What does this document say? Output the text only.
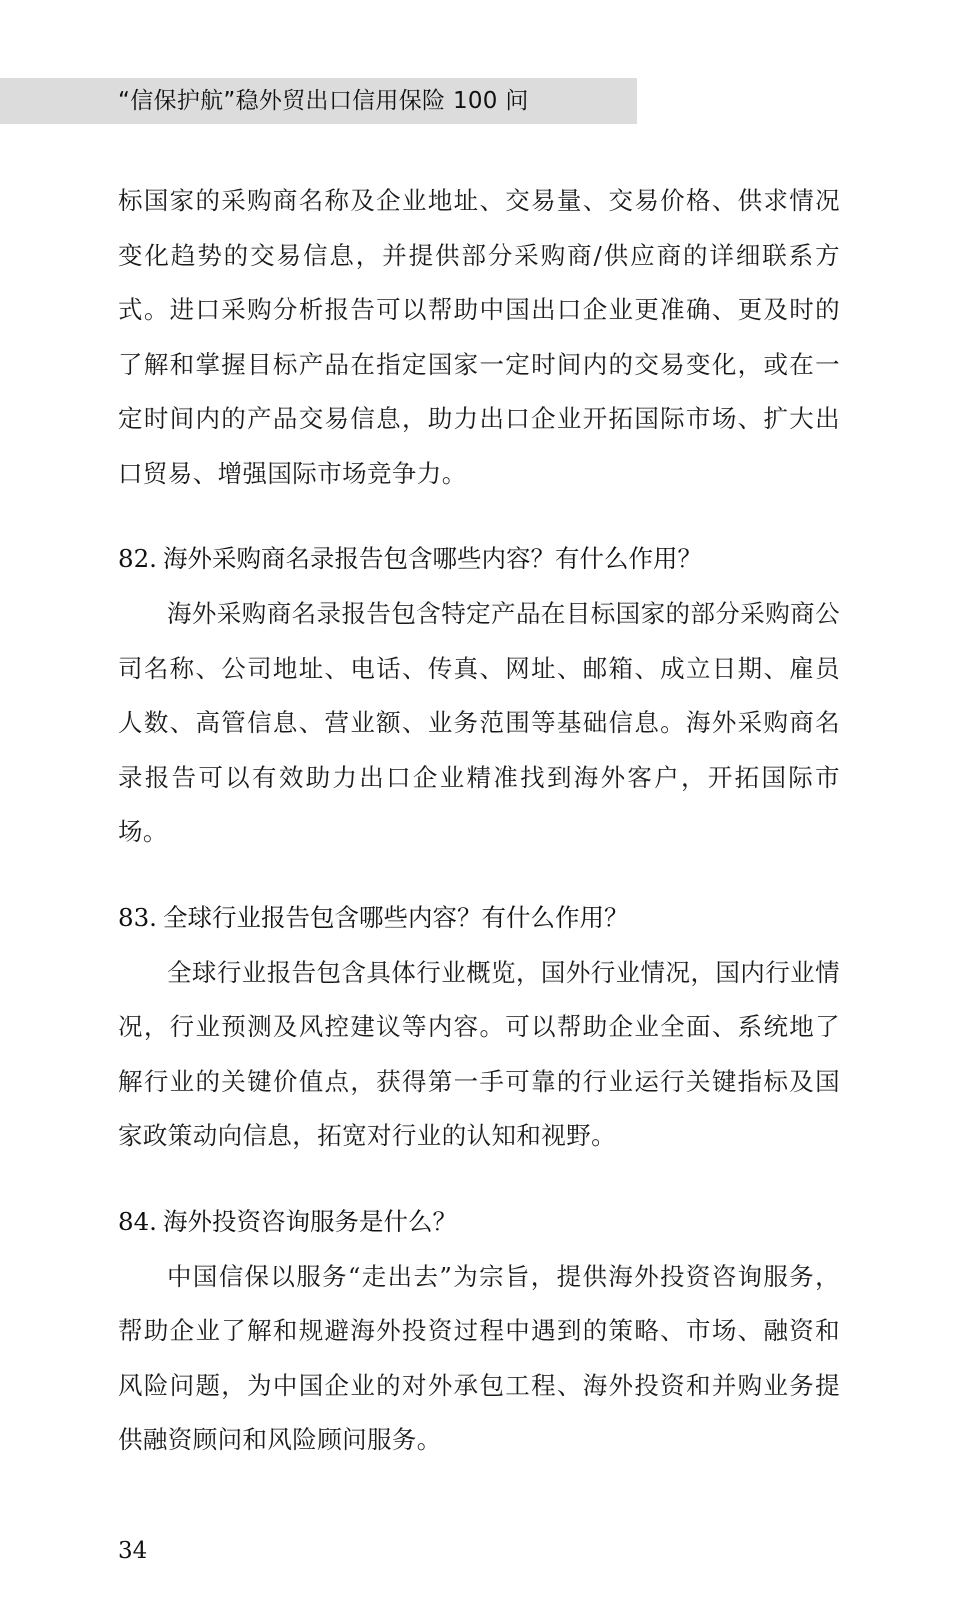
“信保护航”稳外贸出口信用保险 100 问

标国家的采购商名称及企业地址、交易量、交易价格、供求情况变化趋势的交易信息，并提供部分采购商/供应商的详细联系方式。进口采购分析报告可以帮助中国出口企业更准确、更及时的了解和掌握目标产品在指定国家一定时间内的交易变化，或在一定时间内的产品交易信息，助力出口企业开拓国际市场、扩大出口贸易、增强国际市场竞争力。

82. 海外采购商名录报告包含哪些内容？有什么作用？

海外采购商名录报告包含特定产品在目标国家的部分采购商公司名称、公司地址、电话、传真、网址、邮箱、成立日期、雇员人数、高管信息、营业额、业务范围等基础信息。海外采购商名录报告可以有效助力出口企业精准找到海外客户，开拓国际市场。

83. 全球行业报告包含哪些内容？有什么作用？

全球行业报告包含具体行业概览，国外行业情况，国内行业情况，行业预测及风控建议等内容。可以帮助企业全面、系统地了解行业的关键价值点，获得第一手可靠的行业运行关键指标及国家政策动向信息，拓宽对行业的认知和视野。

84. 海外投资咨询服务是什么？

中国信保以服务“走出去”为宗旨，提供海外投资咨询服务，帮助企业了解和规避海外投资过程中遇到的策略、市场、融资和风险问题，为中国企业的对外承包工程、海外投资和并购业务提供融资顾问和风险顾问服务。

34
